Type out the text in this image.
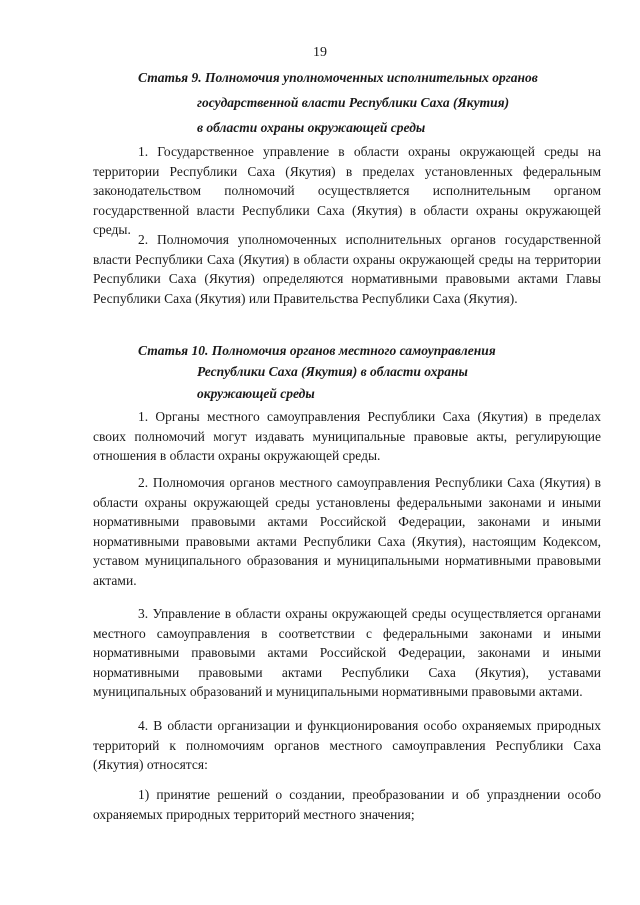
19
Статья 9. Полномочия уполномоченных исполнительных органов
государственной власти Республики Саха (Якутия)
в области охраны окружающей среды

1. Государственное управление в области охраны окружающей среды на территории Республики Саха (Якутия) в пределах установленных федеральным законодательством полномочий осуществляется исполнительным органом государственной власти Республики Саха (Якутия) в области охраны окружающей среды.

2. Полномочия уполномоченных исполнительных органов государственной власти Республики Саха (Якутия) в области охраны окружающей среды на территории Республики Саха (Якутия) определяются нормативными правовыми актами Главы Республики Саха (Якутия) или Правительства Республики Саха (Якутия).

Статья 10. Полномочия органов местного самоуправления
Республики Саха (Якутия) в области охраны
окружающей среды

1. Органы местного самоуправления Республики Саха (Якутия) в пределах своих полномочий могут издавать муниципальные правовые акты, регулирующие отношения в области охраны окружающей среды.

2. Полномочия органов местного самоуправления Республики Саха (Якутия) в области охраны окружающей среды установлены федеральными законами и иными нормативными правовыми актами Российской Федерации, законами и иными нормативными правовыми актами Республики Саха (Якутия), настоящим Кодексом, уставом муниципального образования и муниципальными нормативными правовыми актами.

3. Управление в области охраны окружающей среды осуществляется органами местного самоуправления в соответствии с федеральными законами и иными нормативными правовыми актами Российской Федерации, законами и иными нормативными правовыми актами Республики Саха (Якутия), уставами муниципальных образований и муниципальными нормативными правовыми актами.

4. В области организации и функционирования особо охраняемых природных территорий к полномочиям органов местного самоуправления Республики Саха (Якутия) относятся:

1) принятие решений о создании, преобразовании и об упразднении особо охраняемых природных территорий местного значения;
